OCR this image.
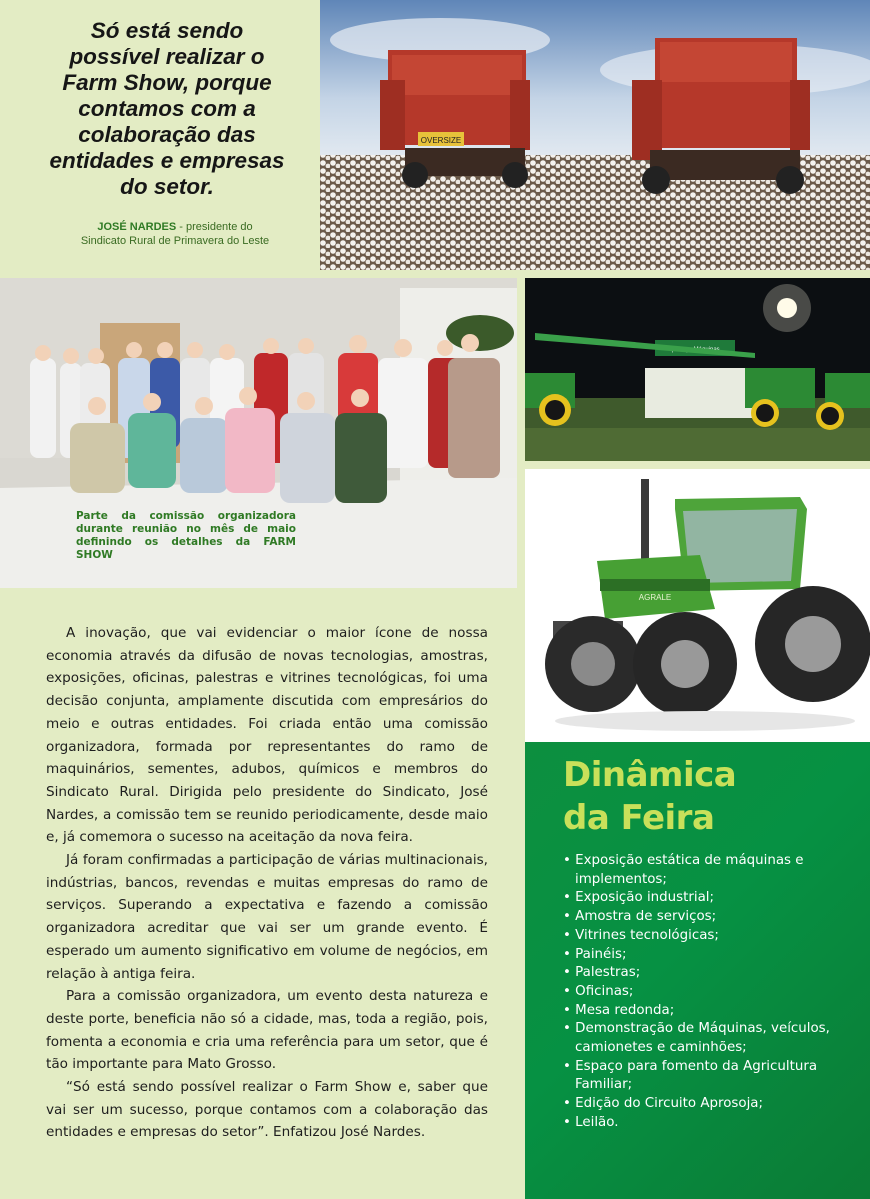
Só está sendo possível realizar o Farm Show, porque contamos com a colaboração das entidades e empresas do setor.

JOSÉ NARDES - presidente do
Sindicato Rural de Primavera do Leste
OVERSIZE

Parte da comissão organizadora durante reunião no mês de maio definindo os detalhes da FARM SHOW

AGRALE

A inovação, que vai evidenciar o maior ícone de nossa economia através da difusão de novas tecnologias, amostras, exposições, oficinas, palestras e vitrines tecnológicas, foi uma decisão conjunta, amplamente discutida com empresários do meio e outras entidades. Foi criada então uma comissão organizadora, formada por representantes do ramo de maquinários, sementes, adubos, químicos e membros do Sindicato Rural. Dirigida pelo presidente do Sindicato, José Nardes, a comissão tem se reunido periodicamente, desde maio e, já comemora o sucesso na aceitação da nova feira.

Já foram confirmadas a participação de várias multinacionais, indústrias, bancos, revendas e muitas empresas do ramo de serviços. Superando a expectativa e fazendo a comissão organizadora acreditar que vai ser um grande evento. É esperado um aumento significativo em volume de negócios, em relação à antiga feira.

Para a comissão organizadora, um evento desta natureza e deste porte, beneficia não só a cidade, mas, toda a região, pois, fomenta a economia e cria uma referência para um setor, que é tão importante para Mato Grosso.

“Só está sendo possível realizar o Farm Show e, saber que vai ser um sucesso, porque contamos com a colaboração das entidades e empresas do setor”. Enfatizou José Nardes.

Dinâmica
da Feira
• Exposição estática de máquinas e implementos;
• Exposição industrial;
• Amostra de serviços;
• Vitrines tecnológicas;
• Painéis;
• Palestras;
• Oficinas;
• Mesa redonda;
• Demonstração de Máquinas, veículos, camionetes e caminhões;
• Espaço para fomento da Agricultura Familiar;
• Edição do Circuito Aprosoja;
• Leilão.
